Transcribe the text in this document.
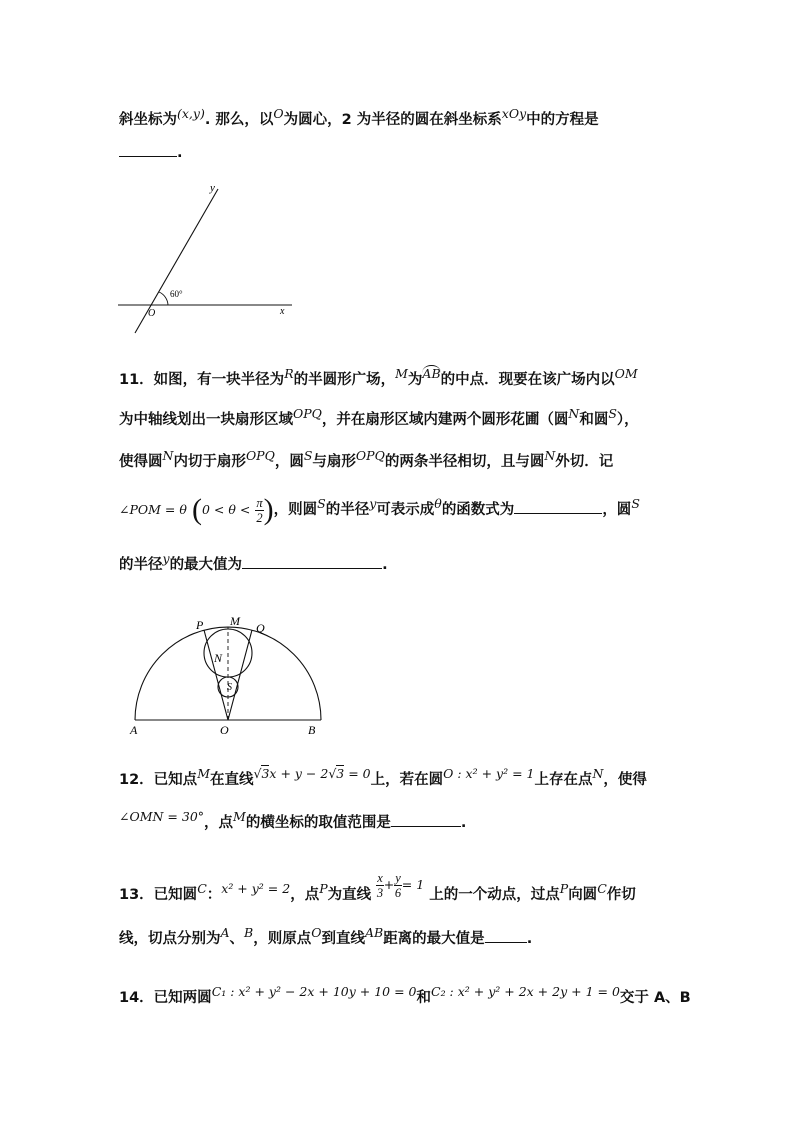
斜坐标为(x,y). 那么，以O为圆心，2 为半径的圆在斜坐标系xOy中的方程是
.
y
x
O
60°
11．如图，有一块半径为R的半圆形广场，M为AB的中点．现要在该广场内以OM
为中轴线划出一块扇形区域OPQ，并在扇形区域内建两个圆形花圃（圆N和圆S），
使得圆N内切于扇形OPQ，圆S与扇形OPQ的两条半径相切，且与圆N外切．记
∠POM = θ ($0 < \theta < \frac{\pi}{2}$ )，则圆S的半径y可表示成θ的函数式为	，圆S
的半径y的最大值为	.
P M Q
N
S
A	O	B
12．已知点M在直线√3x + y − 2√3 = 0上，若在圆O : x² + y² = 1上存在点N，使得
∠OMN = 30°，点M的横坐标的取值范围是	.
13．已知圆C：x² + y² = 2，点P为直线 $\frac{x}{3} + \frac{y}{6} = 1$ 上的一个动点，过点P向圆C作切
线，切点分别为A、B，则原点O到直线AB距离的最大值是	.
14．已知两圆C₁ : x² + y² − 2x + 10y + 10 = 0和C₂ : x² + y² + 2x + 2y + 1 = 0交于 A、B
